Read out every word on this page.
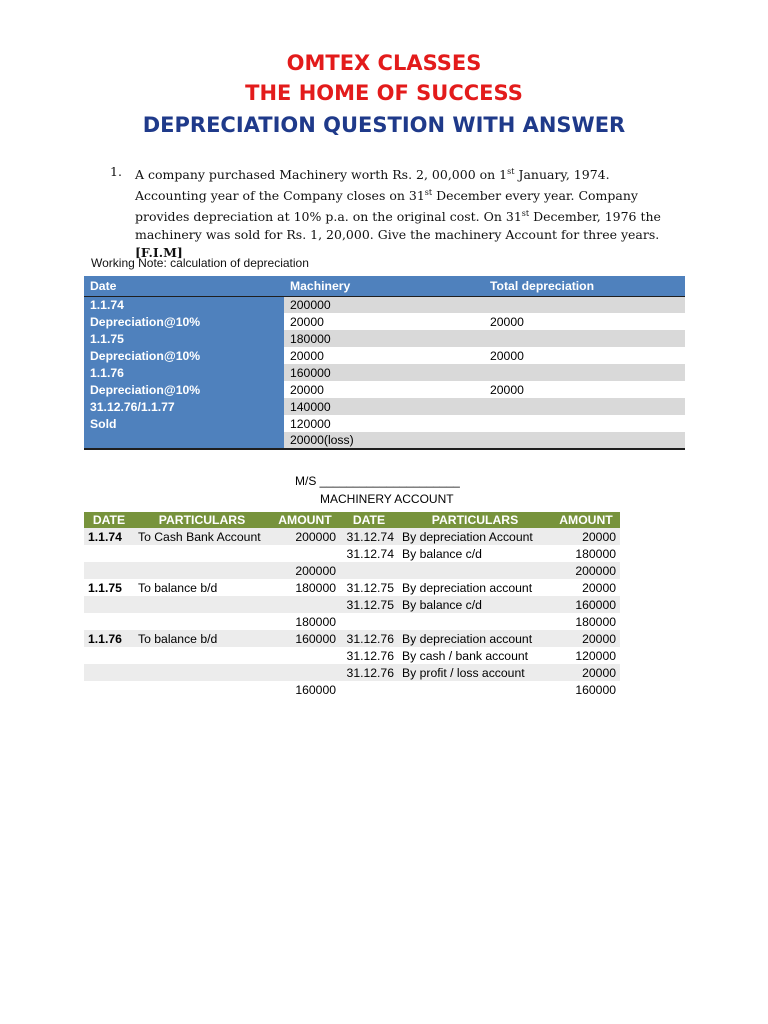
OMTEX CLASSES
THE HOME OF SUCCESS
DEPRECIATION QUESTION WITH ANSWER
1. A company purchased Machinery worth Rs. 2, 00,000 on 1st January, 1974. Accounting year of the Company closes on 31st December every year. Company provides depreciation at 10% p.a. on the original cost. On 31st December, 1976 the machinery was sold for Rs. 1, 20,000. Give the machinery Account for three years. [F.I.M]
Working Note: calculation of depreciation
Date	Machinery	Total depreciation
1.1.74	200000	
Depreciation@10%	20000	20000
1.1.75	180000	
Depreciation@10%	20000	20000
1.1.76	160000	
Depreciation@10%	20000	20000
31.12.76/1.1.77	140000	
Sold	120000	
	20000(loss)	
M/S _____________________
MACHINERY ACCOUNT
DATE	PARTICULARS	AMOUNT	DATE	PARTICULARS	AMOUNT
1.1.74	To Cash Bank Account	200000	31.12.74	By depreciation Account	20000
			31.12.74	By balance c/d	180000
		200000			200000
1.1.75	To balance b/d	180000	31.12.75	By depreciation account	20000
			31.12.75	By balance c/d	160000
		180000			180000
1.1.76	To balance b/d	160000	31.12.76	By depreciation account	20000
			31.12.76	By cash / bank account	120000
			31.12.76	By profit / loss account	20000
		160000			160000
